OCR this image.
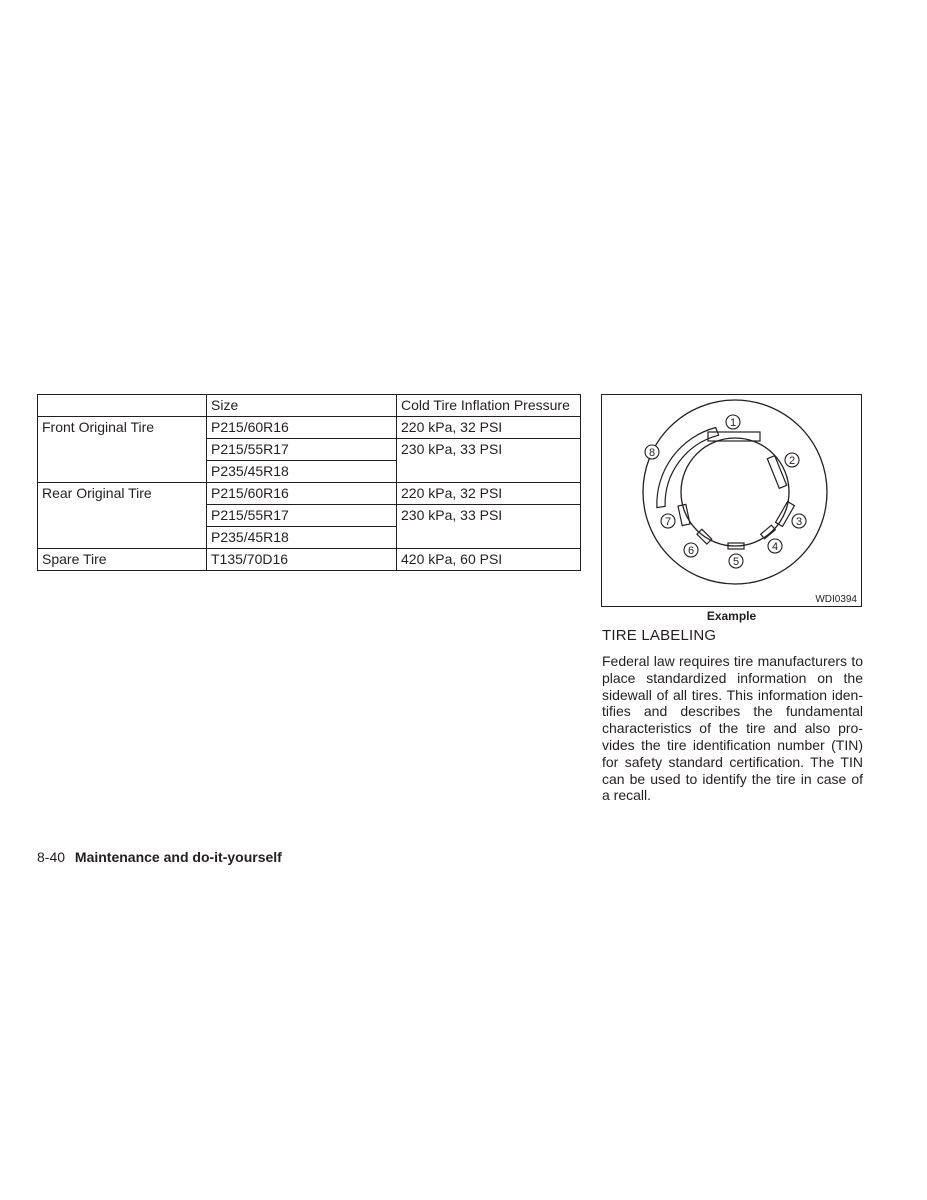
	Size	Cold Tire Inflation Pressure
Front Original Tire	P215/60R16	220 kPa, 32 PSI
	P215/55R17	230 kPa, 33 PSI
	P235/45R18	
Rear Original Tire	P215/60R16	220 kPa, 32 PSI
	P215/55R17	230 kPa, 33 PSI
	P235/45R18	
Spare Tire	T135/70D16	420 kPa, 60 PSI
1
2
3
4
5
6
7
8
WDI0394
Example
TIRE LABELING
Federal law requires tire manufacturers to place standardized information on the sidewall of all tires. This information identifies and describes the fundamental characteristics of the tire and also provides the tire identification number (TIN) for safety standard certification. The TIN can be used to identify the tire in case of a recall.
8-40 Maintenance and do-it-yourself
